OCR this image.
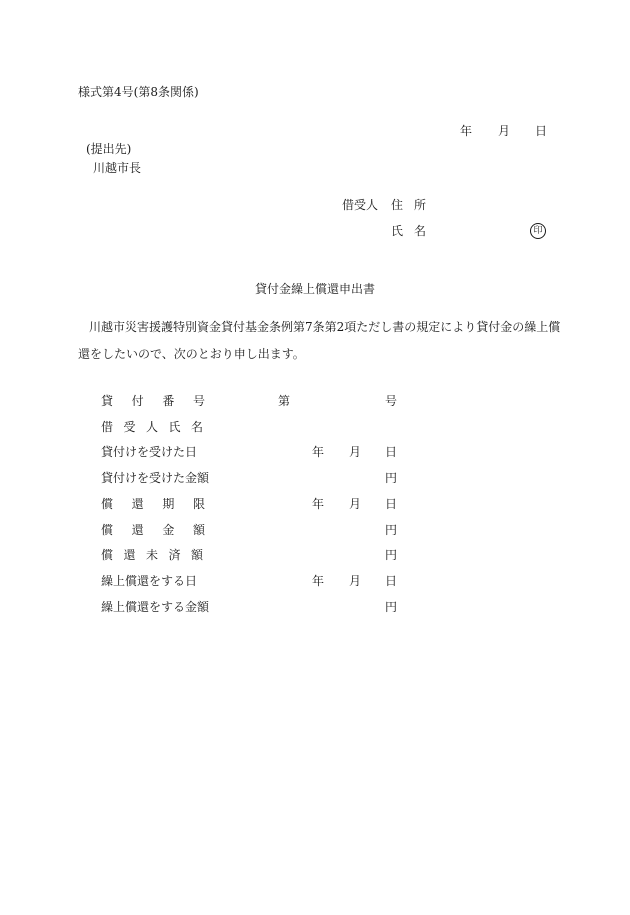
様式第4号(第8条関係)
年 月 日
(提出先)
川越市長
借受人 住 所
氏 名	印
貸付金繰上償還申出書
川越市災害援護特別資金貸付基金条例第7条第2項ただし書の規定により貸付金の繰上償
還をしたいので、次のとおり申し出ます。
貸 付 番 号	第	号
借 受 人 氏 名
貸付けを受けた日	年 月 日
貸付けを受けた金額	円
償 還 期 限	年 月 日
償 還 金 額	円
償 還 未 済 額	円
繰上償還をする日	年 月 日
繰上償還をする金額	円
